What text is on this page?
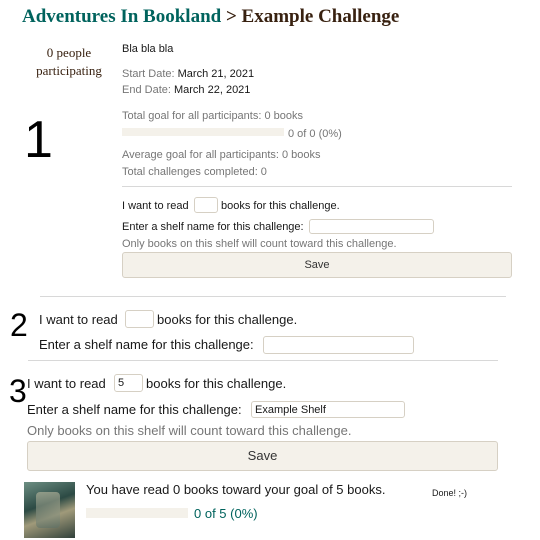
Adventures In Bookland > Example Challenge
0 people participating
Bla bla bla
Start Date: March 21, 2021
End Date: March 22, 2021
1	Total goal for all participants: 0 books
0 of 0 (0%)
Average goal for all participants: 0 books
Total challenges completed: 0
I want to read	books for this challenge.
Enter a shelf name for this challenge:
Only books on this shelf will count toward this challenge.
Save
2 I want to read	books for this challenge.
Enter a shelf name for this challenge:
3 I want to read
5	books for this challenge.
Enter a shelf name for this challenge:
Example Shelf
Only books on this shelf will count toward this challenge.
Save
You have read 0 books toward your goal of 5 books.
0 of 5 (0%)
Done! ;-)
